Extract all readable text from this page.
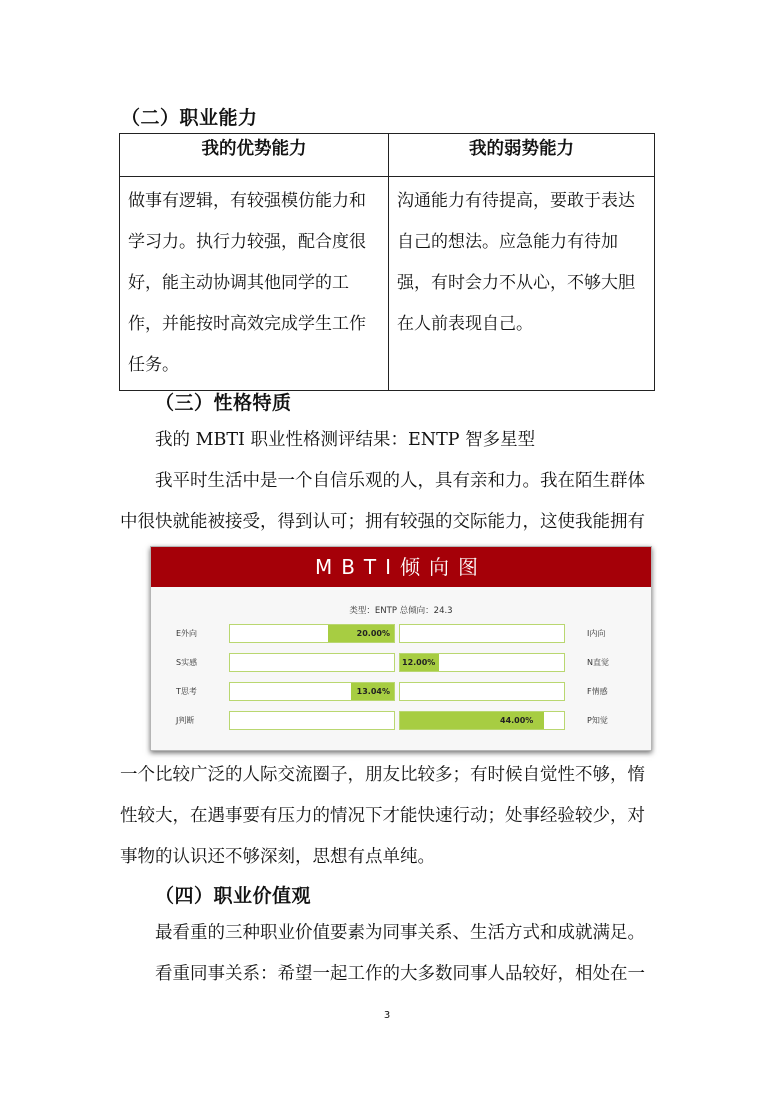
（二）职业能力
我的优势能力	我的弱势能力
做事有逻辑，有较强模仿能力和学习力。执行力较强，配合度很好，能主动协调其他同学的工作，并能按时高效完成学生工作任务。	沟通能力有待提高，要敢于表达自己的想法。应急能力有待加强，有时会力不从心，不够大胆在人前表现自己。
（三）性格特质
我的 MBTI 职业性格测评结果：ENTP 智多星型
我平时生活中是一个自信乐观的人，具有亲和力。我在陌生群体中很快就能被接受，得到认可；拥有较强的交际能力，这使我能拥有
MBTI倾向图
类型：ENTP 总倾向：24.3
E外向	I内向
20.00%
S实感	N直觉
12.00%
T思考	F情感
13.04%
J判断	P知觉
44.00%
一个比较广泛的人际交流圈子，朋友比较多；有时候自觉性不够，惰性较大，在遇事要有压力的情况下才能快速行动；处事经验较少，对事物的认识还不够深刻，思想有点单纯。
（四）职业价值观
最看重的三种职业价值要素为同事关系、生活方式和成就满足。
看重同事关系：希望一起工作的大多数同事人品较好，相处在一
3
